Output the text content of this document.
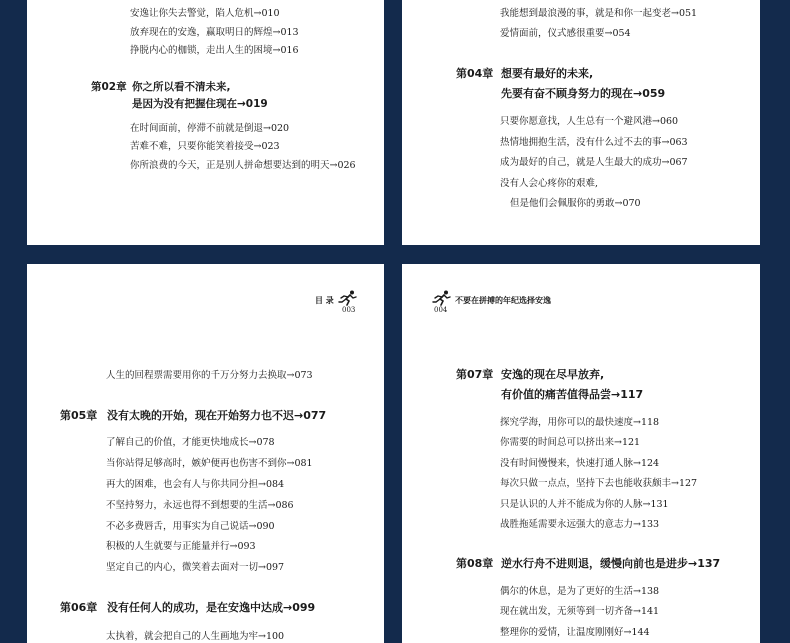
安逸让你失去警觉，陷人危机→010
放弃现在的安逸，赢取明日的辉煌→013
挣脱内心的枷锁，走出人生的困境→016
第02章 你之所以看不清未来,
是因为没有把握住现在→019
在时间面前，停滞不前就是倒退→020
苦难不难，只要你能笑着接受→023
你所浪费的今天，正是别人拼命想要达到的明天→026
我能想到最浪漫的事，就是和你一起变老→051
爱情面前，仪式感很重要→054
第04章 想要有最好的未来,
先要有奋不顾身努力的现在→059
只要你愿意找，人生总有一个避风港→060
热情地拥抱生活，没有什么过不去的事→063
成为最好的自己，就是人生最大的成功→067
没有人会心疼你的艰难,
但是他们会佩服你的勇敢→070
目 录
003
人生的回程票需要用你的千万分努力去换取→073
第05章 没有太晚的开始，现在开始努力也不迟→077
了解自己的价值，才能更快地成长→078
当你站得足够高时，嫉妒便再也伤害不到你→081
再大的困难，也会有人与你共同分担→084
不坚持努力，永远也得不到想要的生活→086
不必多费唇舌，用事实为自己说话→090
积极的人生就要与正能量并行→093
坚定自己的内心，微笑着去面对一切→097
第06章 没有任何人的成功，是在安逸中达成→099
太执着，就会把自己的人生画地为牢→100
004
不要在拼搏的年纪选择安逸
第07章 安逸的现在尽早放弃,
有价值的痛苦值得品尝→117
探究学海，用你可以的最快速度→118
你需要的时间总可以挤出来→121
没有时间慢慢来，快速打通人脉→124
每次只做一点点，坚持下去也能收获颇丰→127
只是认识的人并不能成为你的人脉→131
战胜拖延需要永远强大的意志力→133
第08章 逆水行舟不进则退，缓慢向前也是进步→137
偶尔的休息，是为了更好的生活→138
现在就出发，无须等到一切齐备→141
整理你的爱情，让温度刚刚好→144
